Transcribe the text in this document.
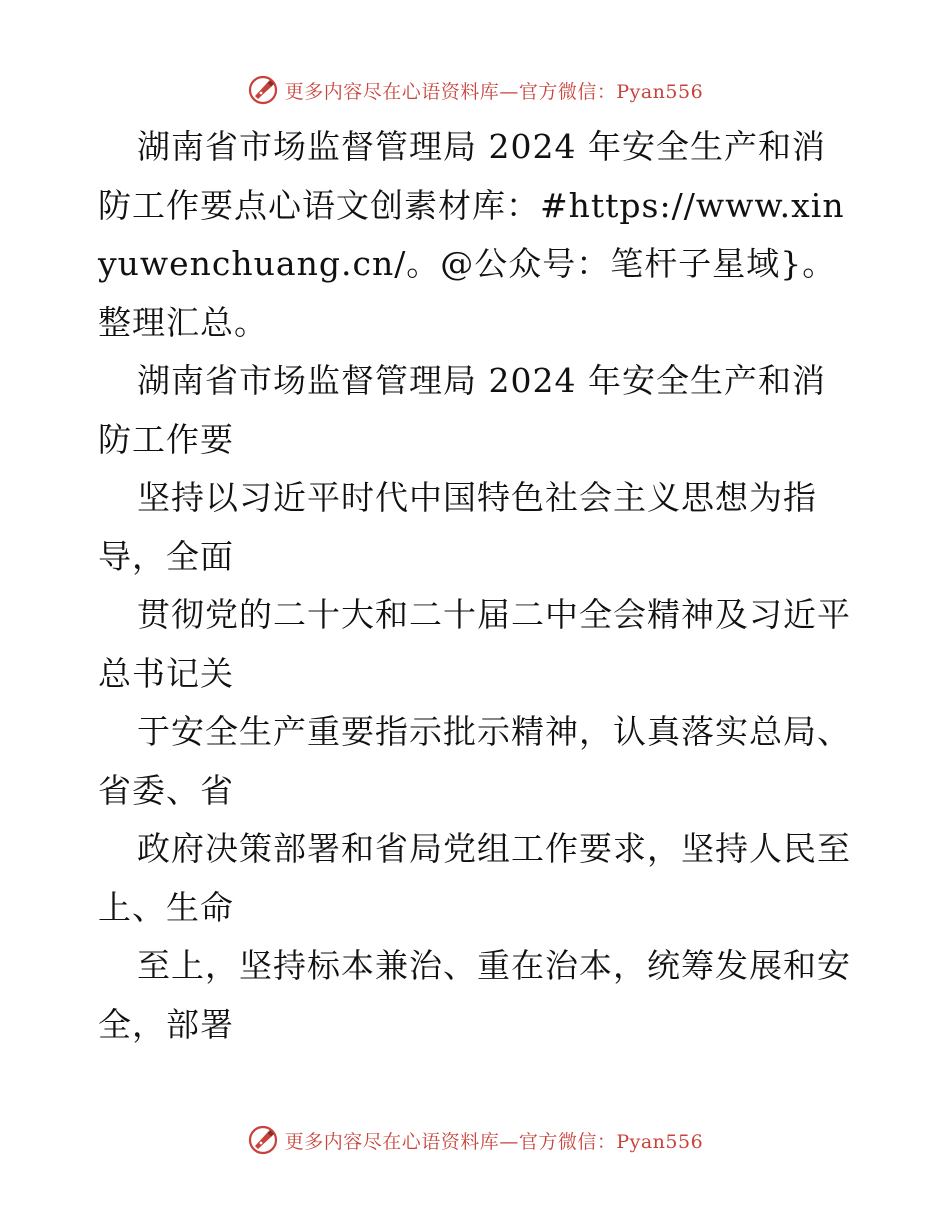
更多内容尽在心语资料库—官方微信：Pyan556

湖南省市场监督管理局 2024 年安全生产和消防工作要点心语文创素材库：#https://www.xinyuwenchuang.cn/。@公众号：笔杆子星域}。整理汇总。

湖南省市场监督管理局 2024 年安全生产和消防工作要

坚持以习近平时代中国特色社会主义思想为指导，全面

贯彻党的二十大和二十届二中全会精神及习近平总书记关

于安全生产重要指示批示精神，认真落实总局、省委、省

政府决策部署和省局党组工作要求，坚持人民至上、生命

至上，坚持标本兼治、重在治本，统筹发展和安全，部署

更多内容尽在心语资料库—官方微信：Pyan556
